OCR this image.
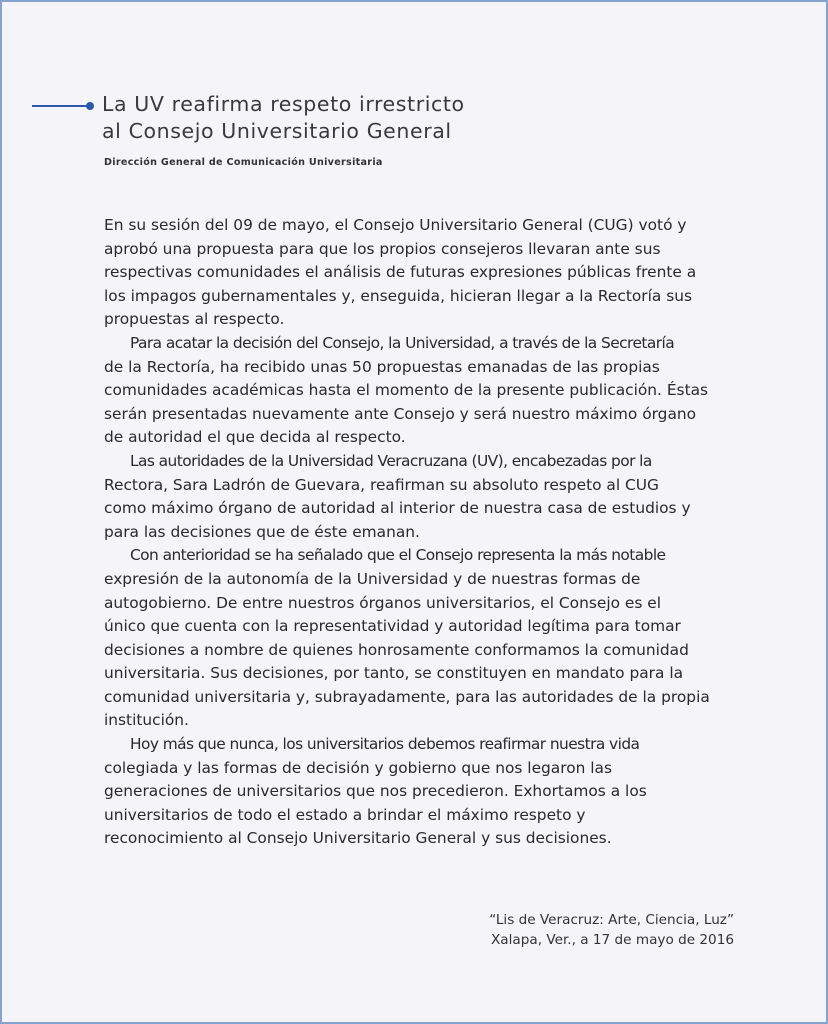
La UV reafirma respeto irrestricto
al Consejo Universitario General
Dirección General de Comunicación Universitaria

En su sesión del 09 de mayo, el Consejo Universitario General (CUG) votó y
aprobó una propuesta para que los propios consejeros llevaran ante sus
respectivas comunidades el análisis de futuras expresiones públicas frente a
los impagos gubernamentales y, enseguida, hicieran llegar a la Rectoría sus
propuestas al respecto.

Para acatar la decisión del Consejo, la Universidad, a través de la Secretaría
de la Rectoría, ha recibido unas 50 propuestas emanadas de las propias
comunidades académicas hasta el momento de la presente publicación. Éstas
serán presentadas nuevamente ante Consejo y será nuestro máximo órgano
de autoridad el que decida al respecto.

Las autoridades de la Universidad Veracruzana (UV), encabezadas por la
Rectora, Sara Ladrón de Guevara, reafirman su absoluto respeto al CUG
como máximo órgano de autoridad al interior de nuestra casa de estudios y
para las decisiones que de éste emanan.

Con anterioridad se ha señalado que el Consejo representa la más notable
expresión de la autonomía de la Universidad y de nuestras formas de
autogobierno. De entre nuestros órganos universitarios, el Consejo es el
único que cuenta con la representatividad y autoridad legítima para tomar
decisiones a nombre de quienes honrosamente conformamos la comunidad
universitaria. Sus decisiones, por tanto, se constituyen en mandato para la
comunidad universitaria y, subrayadamente, para las autoridades de la propia
institución.

Hoy más que nunca, los universitarios debemos reafirmar nuestra vida
colegiada y las formas de decisión y gobierno que nos legaron las
generaciones de universitarios que nos precedieron. Exhortamos a los
universitarios de todo el estado a brindar el máximo respeto y
reconocimiento al Consejo Universitario General y sus decisiones.

“Lis de Veracruz: Arte, Ciencia, Luz”
Xalapa, Ver., a 17 de mayo de 2016
